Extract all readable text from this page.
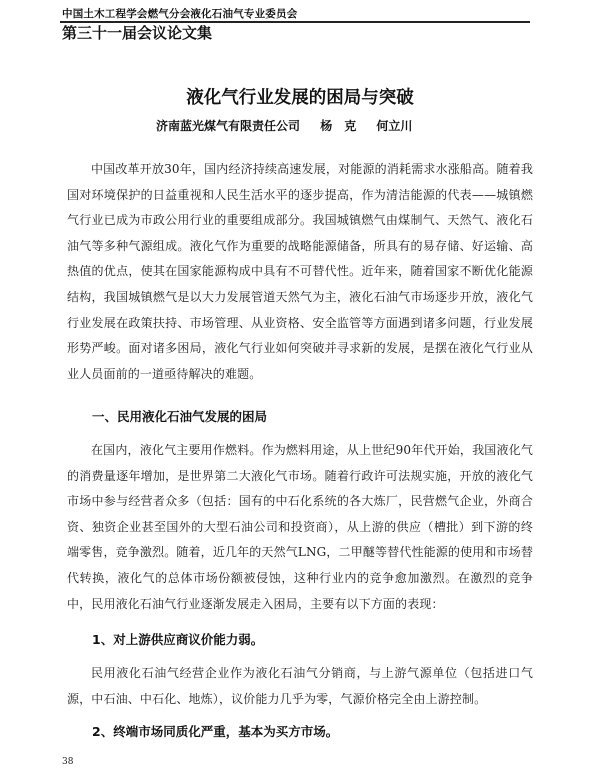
中国土木工程学会燃气分会液化石油气专业委员会
第三十一届会议论文集
液化气行业发展的困局与突破
济南蓝光煤气有限责任公司 杨　克 何立川
中国改革开放30年，国内经济持续高速发展，对能源的消耗需求水涨船高。随着我国对环境保护的日益重视和人民生活水平的逐步提高，作为清洁能源的代表——城镇燃气行业已成为市政公用行业的重要组成部分。我国城镇燃气由煤制气、天然气、液化石油气等多种气源组成。液化气作为重要的战略能源储备，所具有的易存储、好运输、高热值的优点，使其在国家能源构成中具有不可替代性。近年来，随着国家不断优化能源结构，我国城镇燃气是以大力发展管道天然气为主，液化石油气市场逐步开放，液化气行业发展在政策扶持、市场管理、从业资格、安全监管等方面遇到诸多问题，行业发展形势严峻。面对诸多困局，液化气行业如何突破并寻求新的发展，是摆在液化气行业从业人员面前的一道亟待解决的难题。
一、民用液化石油气发展的困局
在国内，液化气主要用作燃料。作为燃料用途，从上世纪90年代开始，我国液化气的消费量逐年增加，是世界第二大液化气市场。随着行政许可法规实施，开放的液化气市场中参与经营者众多（包括：国有的中石化系统的各大炼厂，民营燃气企业，外商合资、独资企业甚至国外的大型石油公司和投资商），从上游的供应（槽批）到下游的终端零售，竞争激烈。随着，近几年的天然气LNG，二甲醚等替代性能源的使用和市场替代转换，液化气的总体市场份额被侵蚀，这种行业内的竞争愈加激烈。在激烈的竞争中，民用液化石油气行业逐渐发展走入困局，主要有以下方面的表现：
1、对上游供应商议价能力弱。
民用液化石油气经营企业作为液化石油气分销商，与上游气源单位（包括进口气源，中石油、中石化、地炼），议价能力几乎为零，气源价格完全由上游控制。
2、终端市场同质化严重，基本为买方市场。
38
